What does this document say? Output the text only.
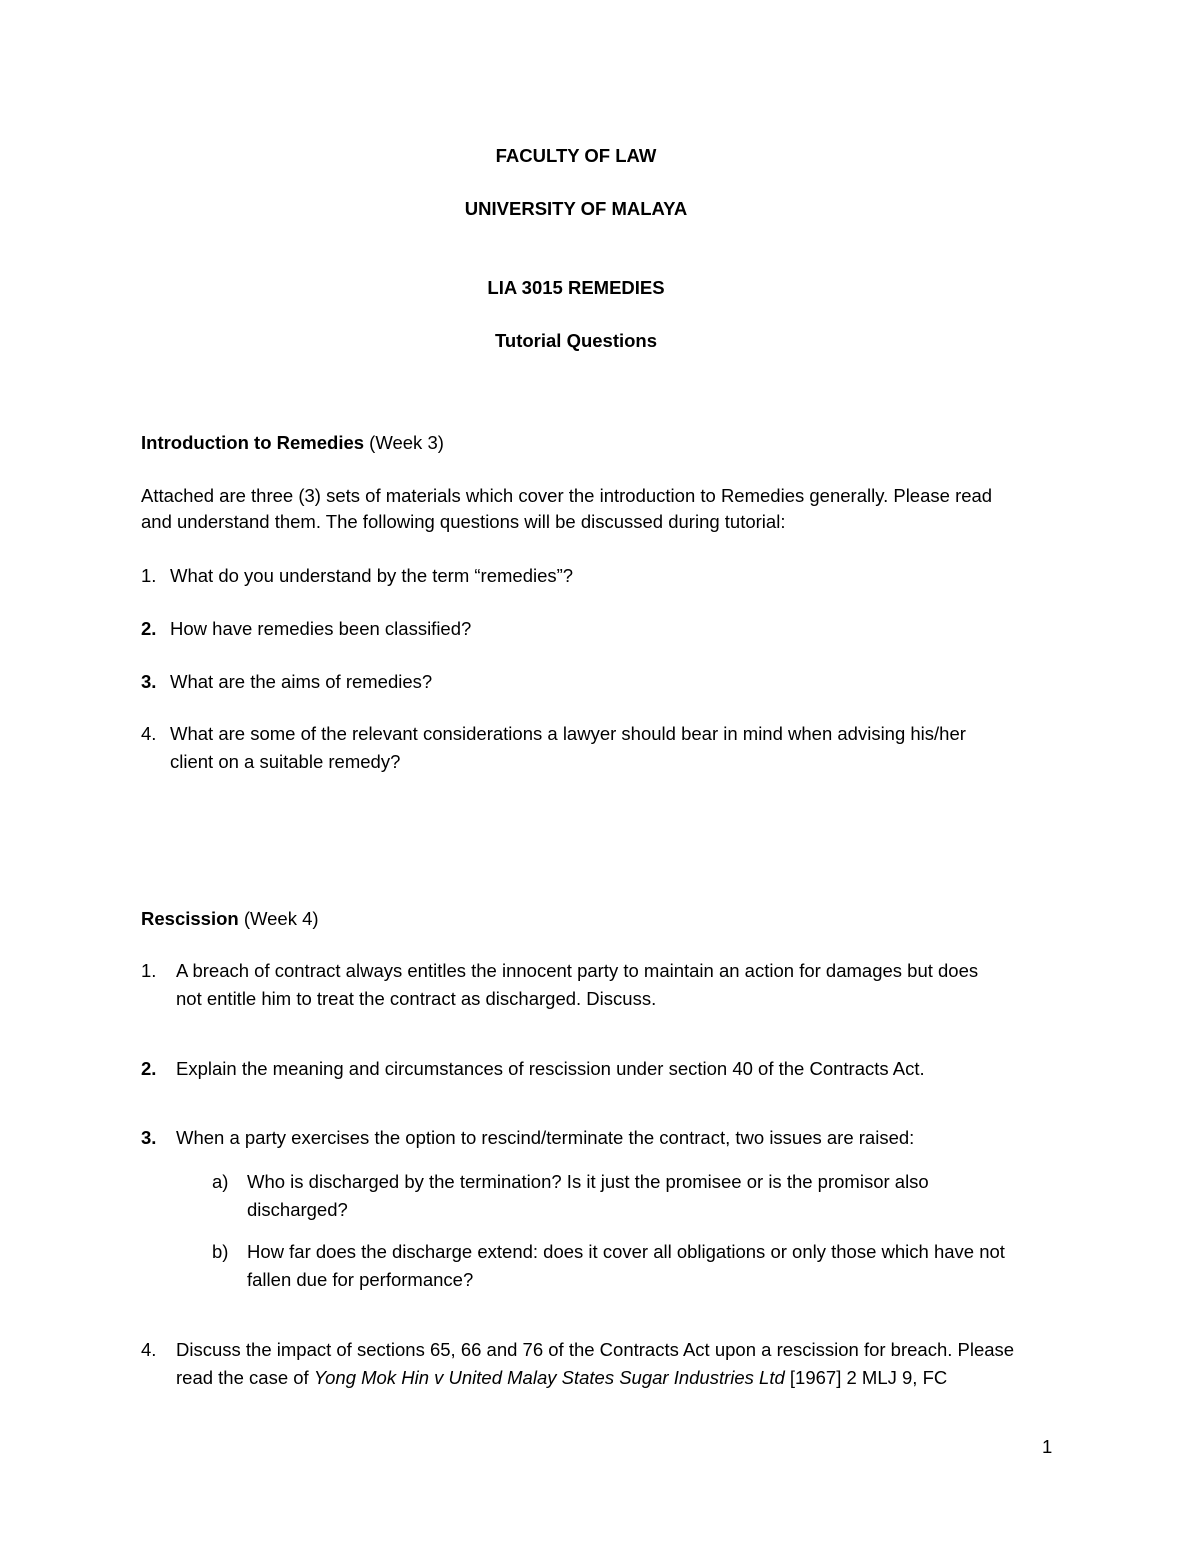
FACULTY OF LAW
UNIVERSITY OF MALAYA
LIA 3015 REMEDIES
Tutorial Questions
Introduction to Remedies (Week 3)
Attached are three (3) sets of materials which cover the introduction to Remedies generally. Please read
and understand them. The following questions will be discussed during tutorial:
1. What do you understand by the term “remedies”?
2. How have remedies been classified?
3. What are the aims of remedies?
4. What are some of the relevant considerations a lawyer should bear in mind when advising his/her
client on a suitable remedy?
Rescission (Week 4)
1. A breach of contract always entitles the innocent party to maintain an action for damages but does
not entitle him to treat the contract as discharged. Discuss.
2. Explain the meaning and circumstances of rescission under section 40 of the Contracts Act.
3. When a party exercises the option to rescind/terminate the contract, two issues are raised:
a) Who is discharged by the termination? Is it just the promisee or is the promisor also
discharged?
b) How far does the discharge extend: does it cover all obligations or only those which have not
fallen due for performance?
4. Discuss the impact of sections 65, 66 and 76 of the Contracts Act upon a rescission for breach. Please
read the case of Yong Mok Hin v United Malay States Sugar Industries Ltd [1967] 2 MLJ 9, FC
1
